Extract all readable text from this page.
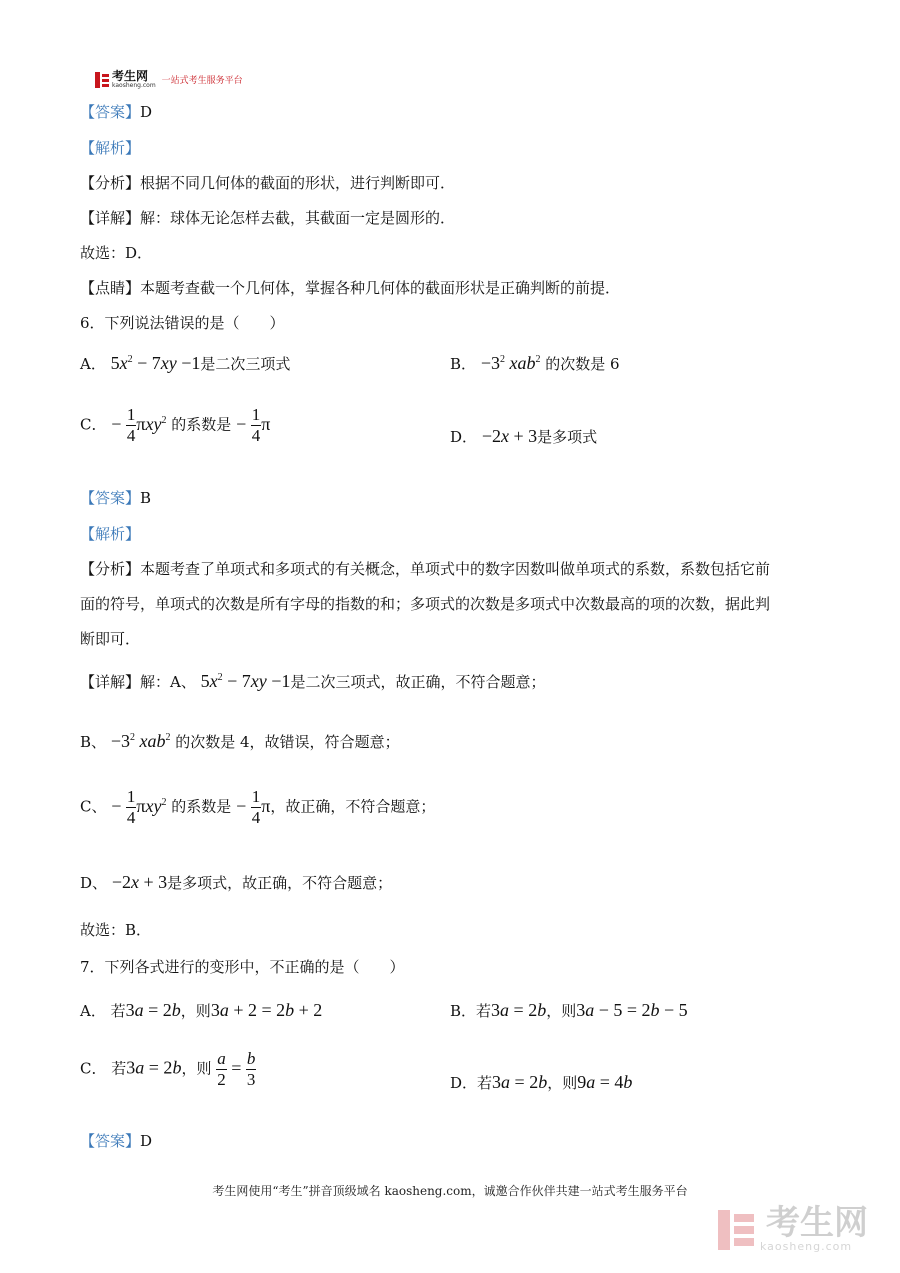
考生网
kaosheng.com 一站式考生服务平台
【答案】D
【解析】
【分析】根据不同几何体的截面的形状，进行判断即可．
【详解】解：球体无论怎样去截，其截面一定是圆形的．
故选：D．
【点睛】本题考查截一个几何体，掌握各种几何体的截面形状是正确判断的前提．
6．下列说法错误的是（　　）
A． $5x^2 - 7xy -1$是二次三项式	B． $-3^2$ xab$^2$ 的次数是 6
C． − $\frac{1}{4} \pi xy^2$ 的系数是 − $\frac{1}{4}$ π
D． −2x + 3是多项式
【答案】B
【解析】
【分析】本题考查了单项式和多项式的有关概念，单项式中的数字因数叫做单项式的系数，系数包括它前
面的符号，单项式的次数是所有字母的指数的和；多项式的次数是多项式中次数最高的项的次数，据此判
断即可．
【详解】解：A、 $5x^2 - 7xy -1$是二次三项式，故正确，不符合题意；
B、 $-3^2$ xab$^2$ 的次数是 4，故错误，符合题意；
C、 − $\frac{1}{4} \pi xy^2$ 的系数是 − $\frac{1}{4}$ π，故正确，不符合题意；
D、 −2x + 3是多项式，故正确，不符合题意；
故选：B．
7．下列各式进行的变形中，不正确的是（　　）
A． 若3a = 2b，则3a + 2 = 2b + 2	B．若3a = 2b，则3a − 5 = 2b − 5
C． 若3a = 2b，则 $\frac{a}{2} = \frac{b}{3}$	D．若3a = 2b，则9a = 4b
【答案】D
考生网使用“考生”拼音顶级域名 kaosheng.com，诚邀合作伙伴共建一站式考生服务平台
考生网
kaosheng.com
